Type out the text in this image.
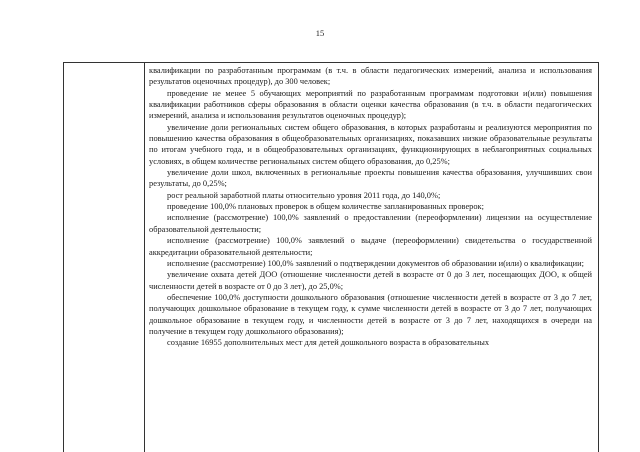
15

квалификации по разработанным программам (в т.ч. в области педагогических измерений, анализа и использования результатов оценочных процедур), до 300 человек;

проведение не менее 5 обучающих мероприятий по разработанным программам подготовки и(или) повышения квалификации работников сферы образования в области оценки качества образования (в т.ч. в области педагогических измерений, анализа и использования результатов оценочных процедур);

увеличение доли региональных систем общего образования, в которых разработаны и реализуются мероприятия по повышению качества образования в общеобразовательных организациях, показавших низкие образовательные результаты по итогам учебного года, и в общеобразовательных организациях, функционирующих в неблагоприятных социальных условиях, в общем количестве региональных систем общего образования, до 0,25%;

увеличение доли школ, включенных в региональные проекты повышения качества образования, улучшивших свои результаты, до 0,25%;

рост реальной заработной платы относительно уровня 2011 года, до 140,0%;

проведение 100,0% плановых проверок в общем количестве запланированных проверок;

исполнение (рассмотрение) 100,0% заявлений о предоставлении (переоформлении) лицензии на осуществление образовательной деятельности;

исполнение (рассмотрение) 100,0% заявлений о выдаче (переоформлении) свидетельства о государственной аккредитации образовательной деятельности;

исполнение (рассмотрение) 100,0% заявлений о подтверждении документов об образовании и(или) о квалификации;

увеличение охвата детей ДОО (отношение численности детей в возрасте от 0 до 3 лет, посещающих ДОО, к общей численности детей в возрасте от 0 до 3 лет), до 25,0%;

обеспечение 100,0% доступности дошкольного образования (отношение численности детей в возрасте от 3 до 7 лет, получающих дошкольное образование в текущем году, к сумме численности детей в возрасте от 3 до 7 лет, получающих дошкольное образование в текущем году, и численности детей в возрасте от 3 до 7 лет, находящихся в очереди на получение в текущем году дошкольного образования);

создание 16955 дополнительных мест для детей дошкольного возраста в образовательных
